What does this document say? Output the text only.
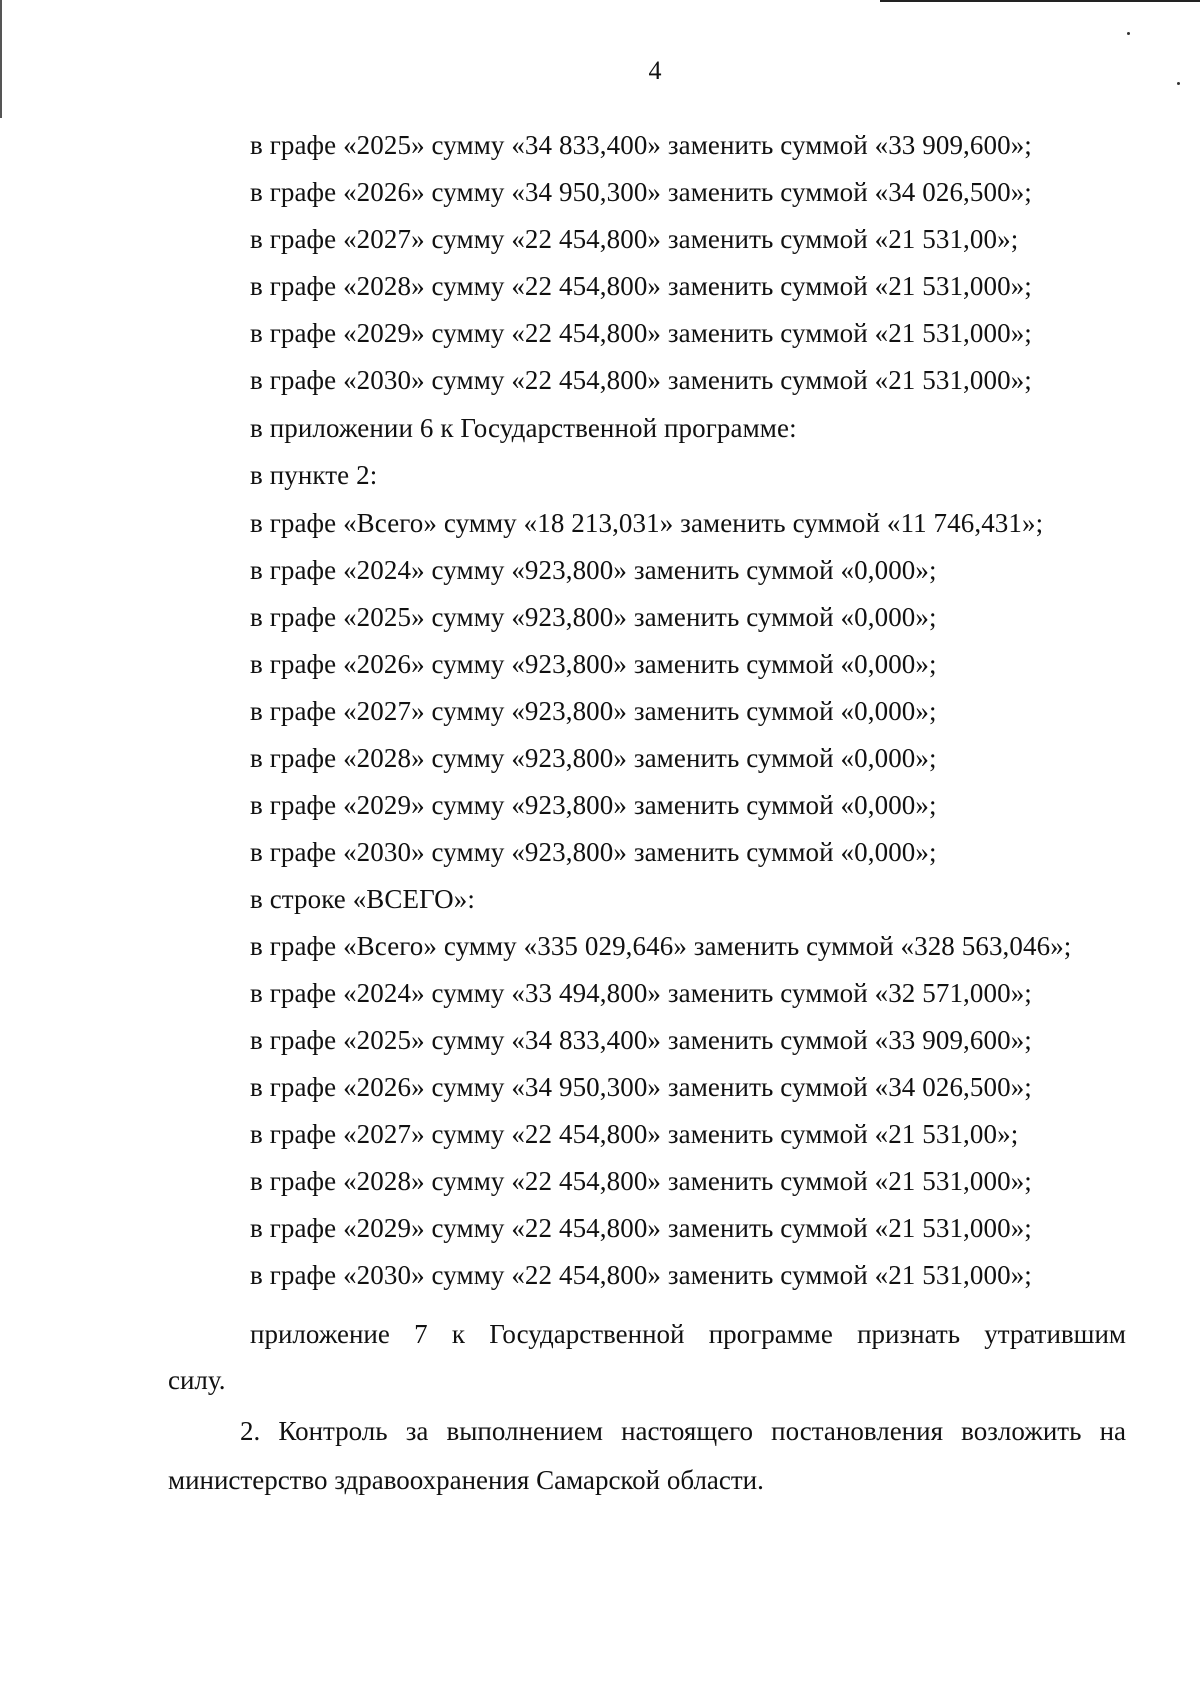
4
в графе «2025» сумму «34 833,400» заменить суммой «33 909,600»;
в графе «2026» сумму «34 950,300» заменить суммой «34 026,500»;
в графе «2027» сумму «22 454,800» заменить суммой «21 531,00»;
в графе «2028» сумму «22 454,800» заменить суммой «21 531,000»;
в графе «2029» сумму «22 454,800» заменить суммой «21 531,000»;
в графе «2030» сумму «22 454,800» заменить суммой «21 531,000»;
в приложении 6 к Государственной программе:
в пункте 2:
в графе «Всего» сумму «18 213,031» заменить суммой «11 746,431»;
в графе «2024» сумму «923,800» заменить суммой «0,000»;
в графе «2025» сумму «923,800» заменить суммой «0,000»;
в графе «2026» сумму «923,800» заменить суммой «0,000»;
в графе «2027» сумму «923,800» заменить суммой «0,000»;
в графе «2028» сумму «923,800» заменить суммой «0,000»;
в графе «2029» сумму «923,800» заменить суммой «0,000»;
в графе «2030» сумму «923,800» заменить суммой «0,000»;
в строке «ВСЕГО»:
в графе «Всего» сумму «335 029,646» заменить суммой «328 563,046»;
в графе «2024» сумму «33 494,800» заменить суммой «32 571,000»;
в графе «2025» сумму «34 833,400» заменить суммой «33 909,600»;
в графе «2026» сумму «34 950,300» заменить суммой «34 026,500»;
в графе «2027» сумму «22 454,800» заменить суммой «21 531,00»;
в графе «2028» сумму «22 454,800» заменить суммой «21 531,000»;
в графе «2029» сумму «22 454,800» заменить суммой «21 531,000»;
в графе «2030» сумму «22 454,800» заменить суммой «21 531,000»;
приложение 7 к Государственной программе признать утратившим
силу.
2. Контроль за выполнением настоящего постановления возложить на
министерство здравоохранения Самарской области.
